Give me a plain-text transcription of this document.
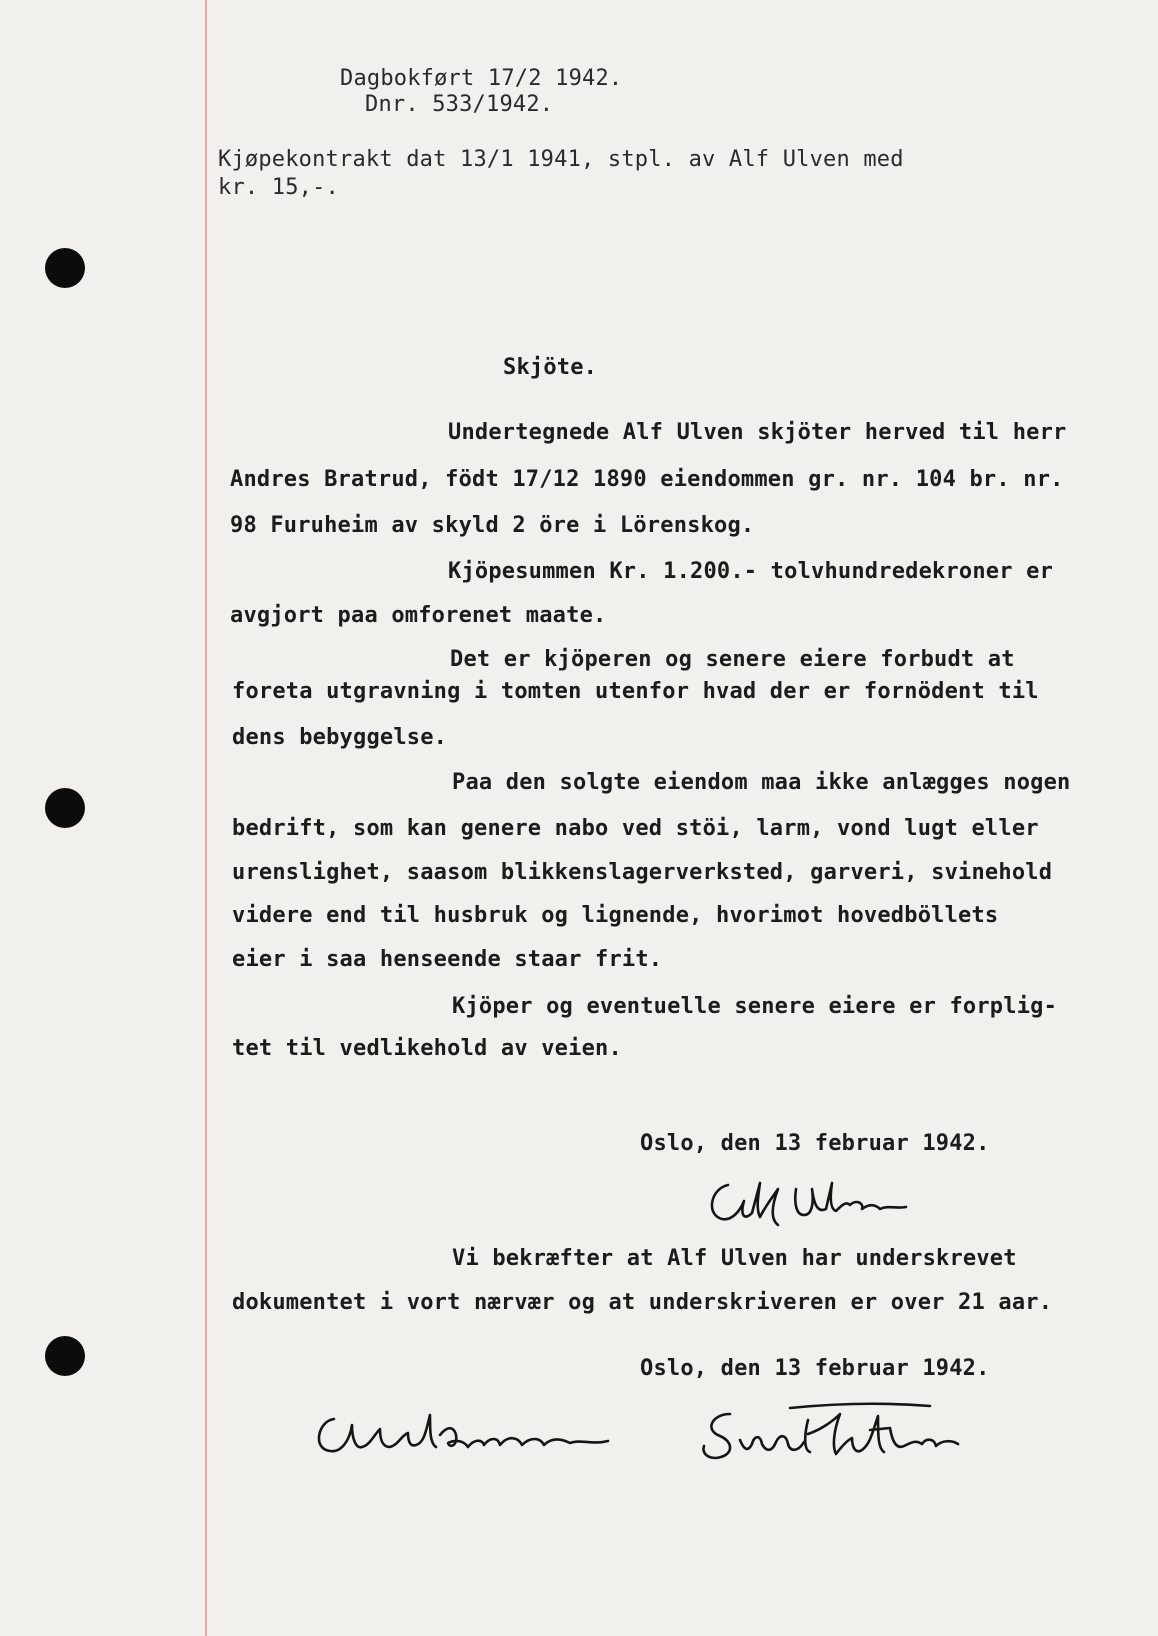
Dagbokført 17/2 1942.
Dnr. 533/1942.
Kjøpekontrakt dat 13/1 1941, stpl. av Alf Ulven med
kr. 15,-.
Skjöte.
Undertegnede Alf Ulven skjöter herved til herr
Andres Bratrud, födt 17/12 1890 eiendommen gr. nr. 104 br. nr.
98 Furuheim av skyld 2 öre i Lörenskog.
Kjöpesummen Kr. 1.200.- tolvhundredekroner er
avgjort paa omforenet maate.
Det er kjöperen og senere eiere forbudt at
foreta utgravning i tomten utenfor hvad der er fornödent til
dens bebyggelse.
Paa den solgte eiendom maa ikke anlægges nogen
bedrift, som kan genere nabo ved stöi, larm, vond lugt eller
urenslighet, saasom blikkenslagerverksted, garveri, svinehold
videre end til husbruk og lignende, hvorimot hovedböllets
eier i saa henseende staar frit.
Kjöper og eventuelle senere eiere er forplig-
tet til vedlikehold av veien.
Oslo, den 13 februar 1942.
Vi bekræfter at Alf Ulven har underskrevet
dokumentet i vort nærvær og at underskriveren er over 21 aar.
Oslo, den 13 februar 1942.
